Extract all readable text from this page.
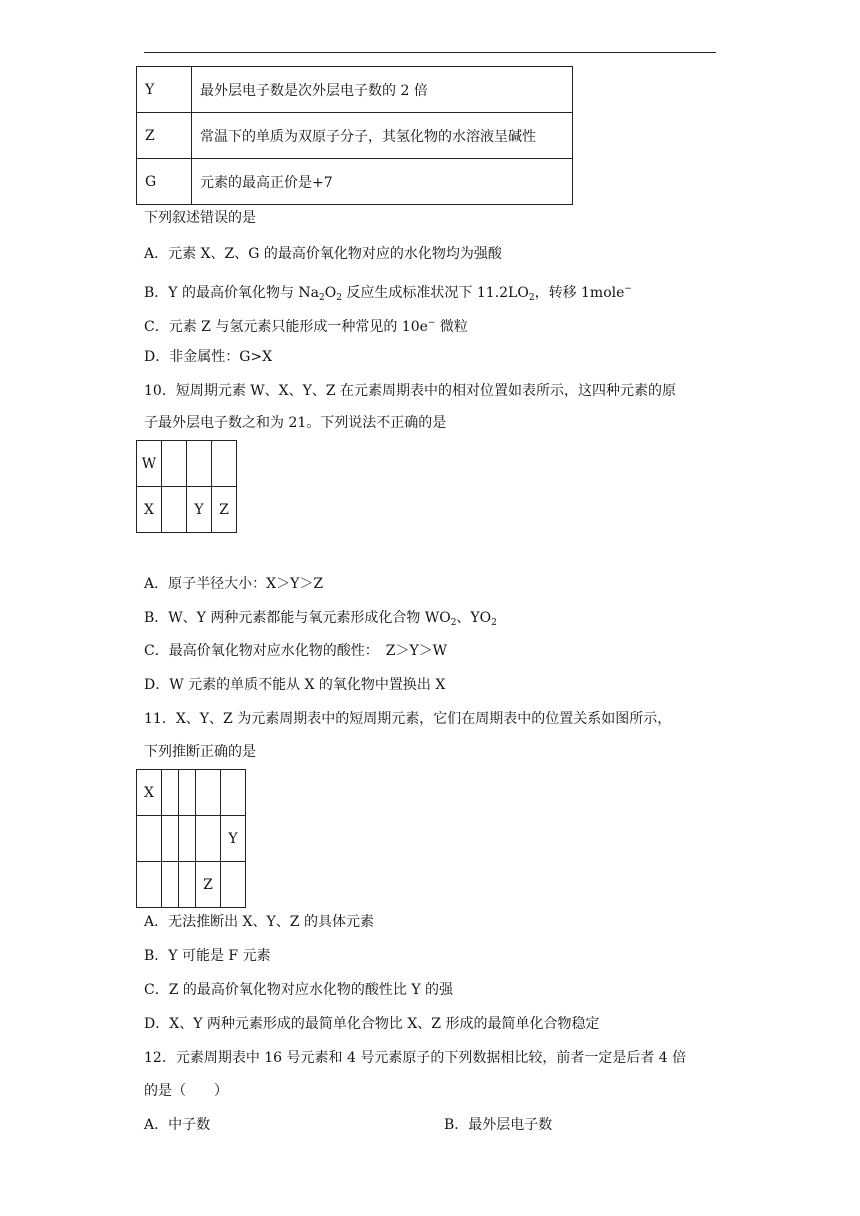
Y	最外层电子数是次外层电子数的 2 倍
Z	常温下的单质为双原子分子，其氢化物的水溶液呈碱性
G	元素的最高正价是+7
下列叙述错误的是
A．元素 X、Z、G 的最高价氧化物对应的水化物均为强酸
B．Y 的最高价氧化物与 $Na_2O_2$ 反应生成标准状况下 $11.2LO_2$，转移 1mole−
C．元素 Z 与氢元素只能形成一种常见的 10e− 微粒
D．非金属性：G>X
10．短周期元素 W、X、Y、Z 在元素周期表中的相对位置如表所示，这四种元素的原
子最外层电子数之和为 21。下列说法不正确的是
W			
X		Y	Z
A．原子半径大小：X＞Y＞Z
B．W、Y 两种元素都能与氧元素形成化合物 $WO_2$、$YO_2$
C．最高价氧化物对应水化物的酸性：　Z＞Y＞W
D．W 元素的单质不能从 X 的氧化物中置换出 X
11．X、Y、Z 为元素周期表中的短周期元素，它们在周期表中的位置关系如图所示，
下列推断正确的是
X				
				Y
			Z	
A．无法推断出 X、Y、Z 的具体元素
B．Y 可能是 F 元素
C．Z 的最高价氧化物对应水化物的酸性比 Y 的强
D．X、Y 两种元素形成的最简单化合物比 X、Z 形成的最简单化合物稳定
12．元素周期表中 16 号元素和 4 号元素原子的下列数据相比较，前者一定是后者 4 倍
的是（　　）
A．中子数	B．最外层电子数
